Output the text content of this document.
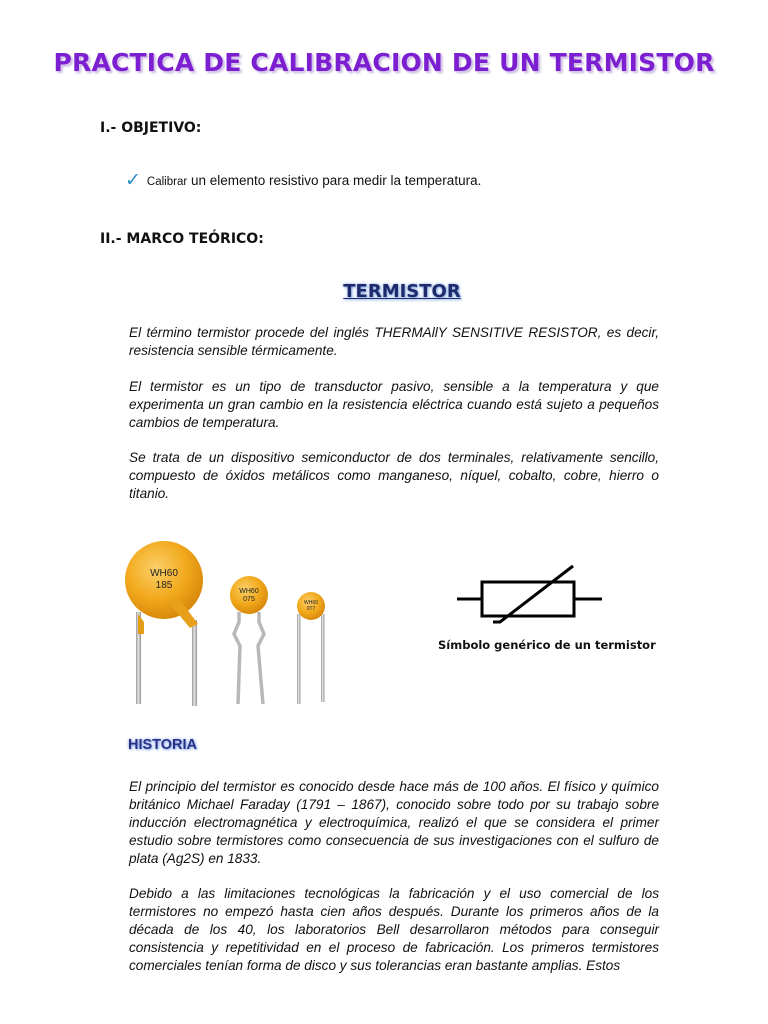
PRACTICA DE CALIBRACION DE UN TERMISTOR
I.- OBJETIVO:
✓ Calibrar un elemento resistivo para medir la temperatura.
II.- MARCO TEÓRICO:
TERMISTOR
El término termistor procede del inglés THERMAllY SENSITIVE RESISTOR, es decir, resistencia sensible térmicamente.
El termistor es un tipo de transductor pasivo, sensible a la temperatura y que experimenta un gran cambio en la resistencia eléctrica cuando está sujeto a pequeños cambios de temperatura.
Se trata de un dispositivo semiconductor de dos terminales, relativamente sencillo, compuesto de óxidos metálicos como manganeso, níquel, cobalto, cobre, hierro o titanio.
WH60
185
WH60
075	WH60
0T7
Símbolo genérico de un termistor
HISTORIA
El principio del termistor es conocido desde hace más de 100 años. El físico y químico británico Michael Faraday (1791 – 1867), conocido sobre todo por su trabajo sobre inducción electromagnética y electroquímica, realizó el que se considera el primer estudio sobre termistores como consecuencia de sus investigaciones con el sulfuro de plata (Ag2S) en 1833.
Debido a las limitaciones tecnológicas la fabricación y el uso comercial de los termistores no empezó hasta cien años después. Durante los primeros años de la década de los 40, los laboratorios Bell desarrollaron métodos para conseguir consistencia y repetitividad en el proceso de fabricación. Los primeros termistores comerciales tenían forma de disco y sus tolerancias eran bastante amplias. Estos
